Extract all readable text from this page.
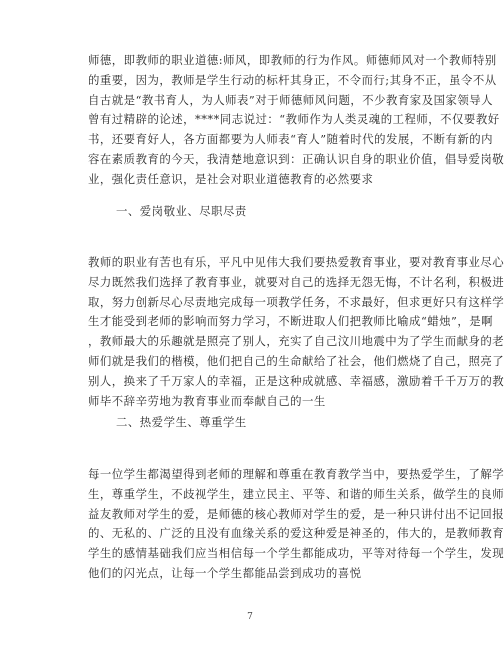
师德，即教师的职业道德:师风，即教师的行为作风。师德师风对一个教师特别
的重要，因为，教师是学生行动的标杆其身正，不令而行;其身不正，虽令不从
自古就是“教书育人，为人师表”对于师德师风问题，不少教育家及国家领导人
曾有过精辟的论述，****同志说过：“教师作为人类灵魂的工程师，不仅要教好
书，还要育好人，各方面都要为人师表“育人”随着时代的发展，不断有新的内
容在素质教育的今天，我清楚地意识到：正确认识自身的职业价值，倡导爱岗敬
业，强化责任意识，是社会对职业道德教育的必然要求
一、爱岗敬业、尽职尽责
教师的职业有苦也有乐，平凡中见伟大我们要热爱教育事业，要对教育事业尽心
尽力既然我们选择了教育事业，就要对自己的选择无怨无悔，不计名利，积极进
取，努力创新尽心尽责地完成每一项教学任务，不求最好，但求更好只有这样学
生才能受到老师的影响而努力学习，不断进取人们把教师比喻成“蜡烛”，是啊
，教师最大的乐趣就是照亮了别人，充实了自己汶川地震中为了学生而献身的老
师们就是我们的楷模，他们把自己的生命献给了社会，他们燃烧了自己，照亮了
别人，换来了千万家人的幸福，正是这种成就感、幸福感，激励着千千万万的教
师毕不辞辛劳地为教育事业而奉献自己的一生
二、热爱学生、尊重学生
每一位学生都渴望得到老师的理解和尊重在教育教学当中，要热爱学生，了解学
生，尊重学生，不歧视学生，建立民主、平等、和谐的师生关系，做学生的良师
益友教师对学生的爱，是师德的核心教师对学生的爱，是一种只讲付出不记回报
的、无私的、广泛的且没有血缘关系的爱这种爱是神圣的，伟大的，是教师教育
学生的感情基础我们应当相信每一个学生都能成功，平等对待每一个学生，发现
他们的闪光点，让每一个学生都能品尝到成功的喜悦
7
